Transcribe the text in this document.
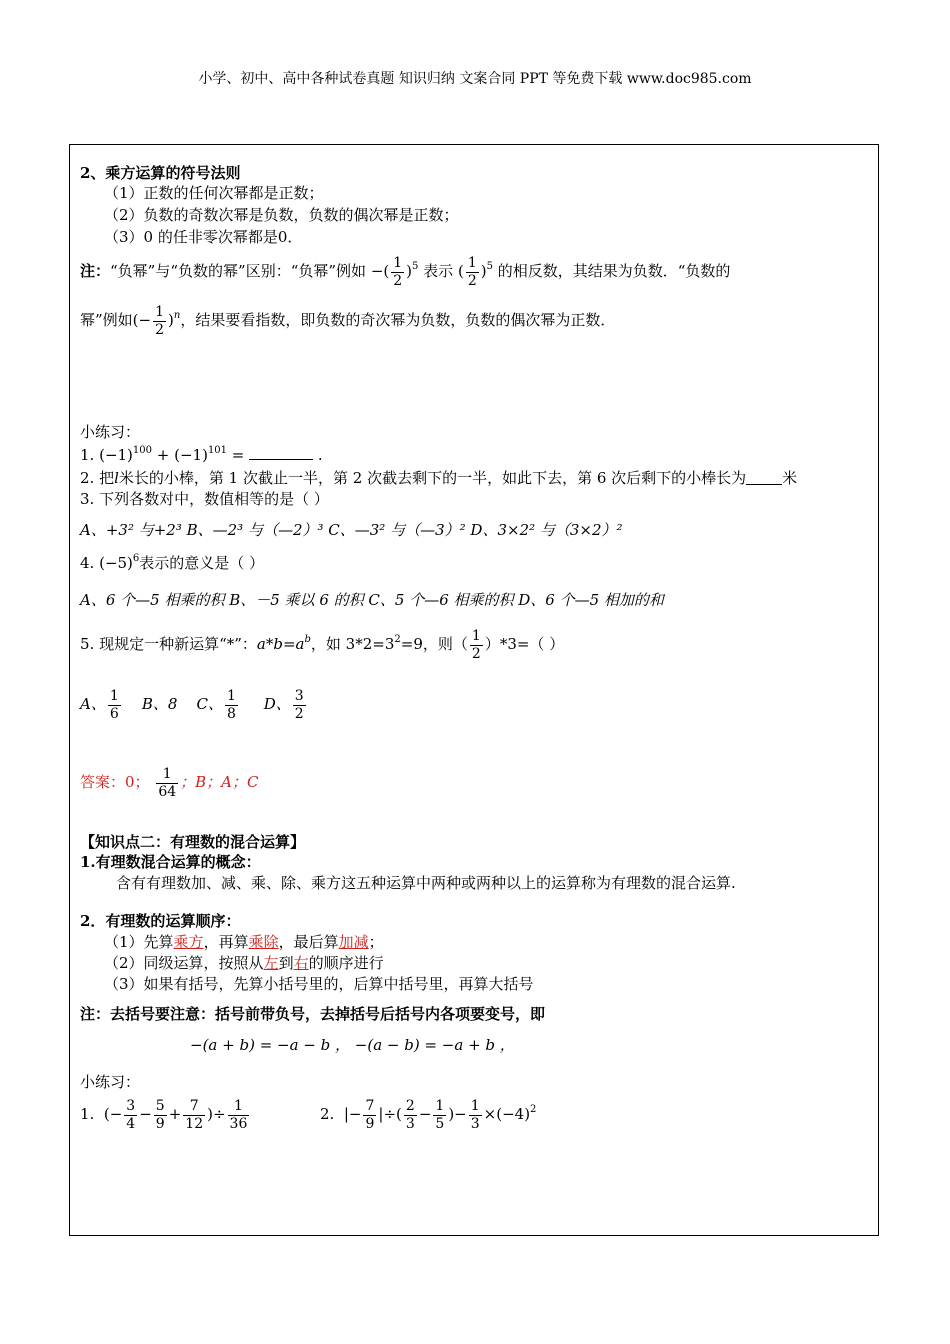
小学、初中、高中各种试卷真题 知识归纳 文案合同 PPT 等免费下载 www.doc985.com
2、乘方运算的符号法则
（1）正数的任何次幂都是正数；
（2）负数的奇数次幂是负数，负数的偶次幂是正数；
（3）0 的任非零次幂都是0．
注：“负幂”与“负数的幂”区别：“负幂”例如 −( $\frac{1}{2} )^5$ 表示 ( $\frac{1}{2} )^5$ 的相反数，其结果为负数．“负数的
幂”例如(− $\frac{1}{2} )^n$，结果要看指数，即负数的奇次幂为负数，负数的偶次幂为正数．
小练习：
1. $(-1)^{100} + (-1)^{101}$ =	.
2. 把l米长的小棒，第 1 次截止一半，第 2 次截去剩下的一半，如此下去，第 6 次后剩下的小棒长为 米
3. 下列各数对中，数值相等的是（ ）
A、+3² 与+2³ B、—2³ 与（—2）³ C、—3² 与（—3）² D、3×2² 与（3×2）²
4. $(-5)^6$表示的意义是（ ）
A、6 个—5 相乘的积 B、－5 乘以 6 的积 C、5 个—6 相乘的积 D、6 个—5 相加的和
5. 现规定一种新运算“*”：$a*b=a^b$，如 $3*2=3^2=9$，则（ $\frac{1}{2} )*3=$（ ）
A、 $\frac{1}{6}$ B、8 C、 $\frac{1}{8}$ D、 $\frac{3}{2}$
答案：0； $\frac{1}{64}$ ；B；A；C
【知识点二：有理数的混合运算】
1.有理数混合运算的概念：
含有有理数加、减、乘、除、乘方这五种运算中两种或两种以上的运算称为有理数的混合运算.
2．有理数的运算顺序：
（1）先算乘方，再算乘除，最后算加减；
（2）同级运算，按照从左到右的顺序进行
（3）如果有括号，先算小括号里的，后算中括号里，再算大括号
注：去括号要注意：括号前带负号，去掉括号后括号内各项要变号，即
−(a + b) = −a − b ， −(a − b) = −a + b ，
小练习：
1.  (− $\frac{3}{4} - \frac{5}{9} + \frac{7}{12}$ )÷ $\frac{1}{36}$	2.  |− $\frac{7}{9}$ |÷( $\frac{2}{3} - \frac{1}{5}$ )− $\frac{1}{3} \times(-4)^2$
